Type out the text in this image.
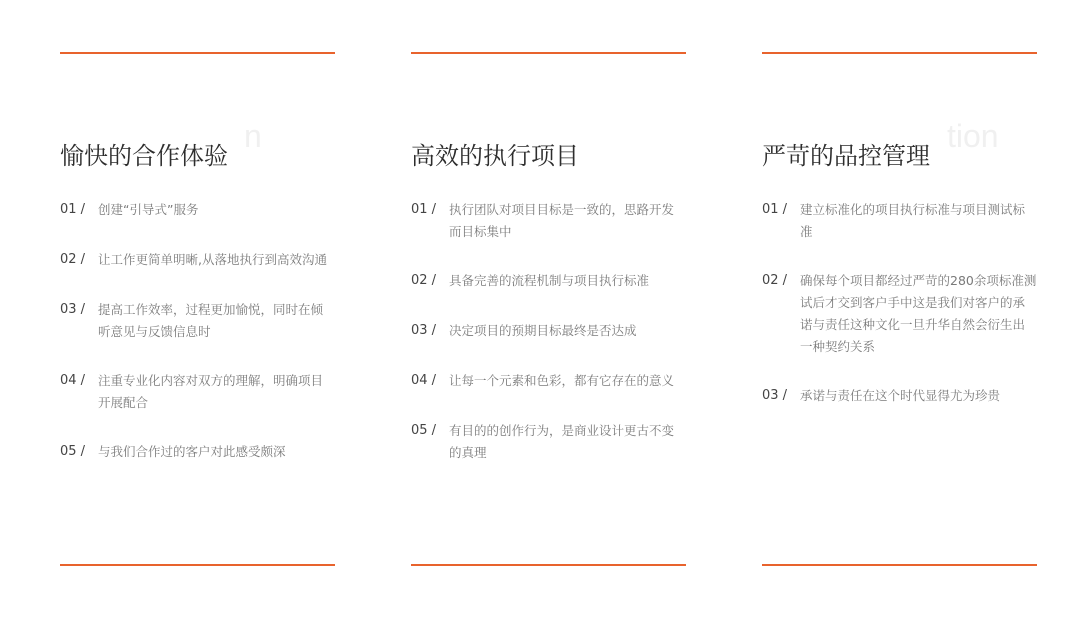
n
愉快的合作体验
01 /	创建“引导式”服务
02 /	让工作更简单明晰,从落地执行到高效沟通
03 /	提高工作效率，过程更加愉悦，同时在倾听意见与反馈信息时
04 /	注重专业化内容对双方的理解，明确项目开展配合
05 /	与我们合作过的客户对此感受颇深
高效的执行项目
01 /	执行团队对项目目标是一致的，思路开发而目标集中
02 /	具备完善的流程机制与项目执行标准
03 /	决定项目的预期目标最终是否达成
04 /	让每一个元素和色彩，都有它存在的意义
05 /	有目的的创作行为，是商业设计更古不变的真理
tion
严苛的品控管理
01 /	建立标准化的项目执行标准与项目测试标准
02 /	确保每个项目都经过严苛的280余项标准测试后才交到客户手中这是我们对客户的承诺与责任这种文化一旦升华自然会衍生出一种契约关系
03 /	承诺与责任在这个时代显得尤为珍贵
